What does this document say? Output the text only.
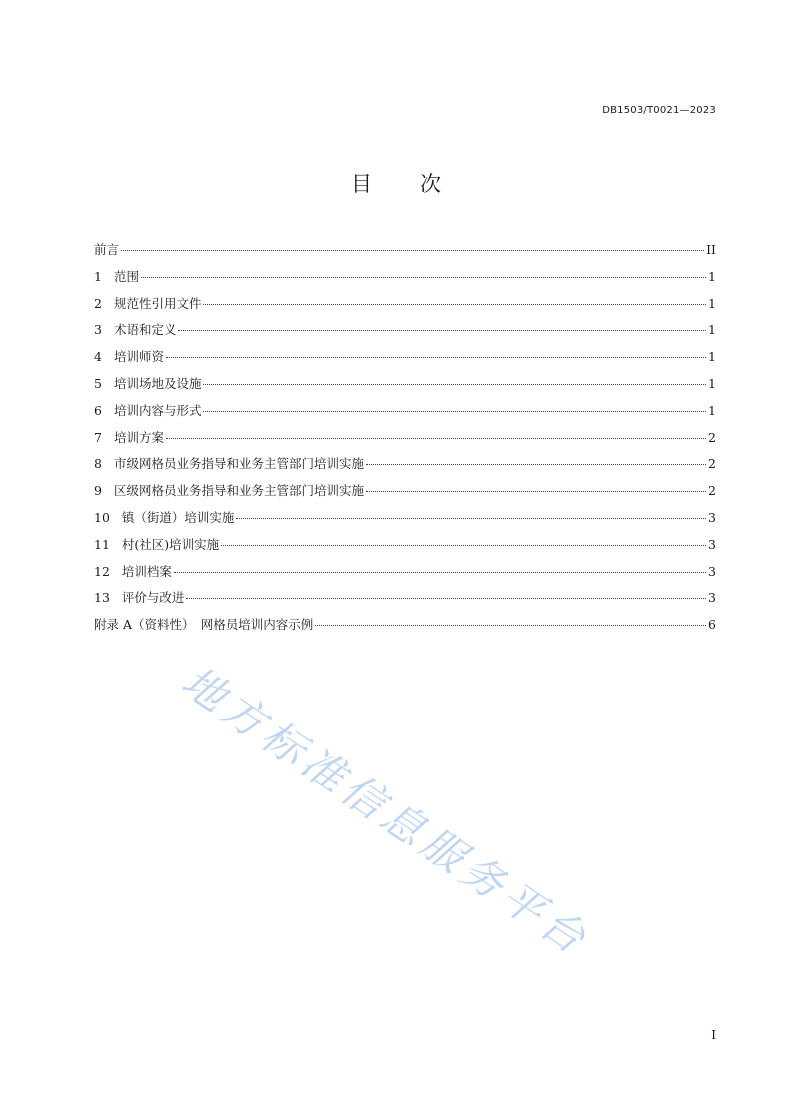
DB1503/T0021—2023
目 次
前言	II
1 范围	1
2 规范性引用文件	1
3 术语和定义	1
4 培训师资	1
5 培训场地及设施	1
6 培训内容与形式	1
7 培训方案	2
8 市级网格员业务指导和业务主管部门培训实施	2
9 区级网格员业务指导和业务主管部门培训实施	2
10 镇（街道）培训实施	3
11 村(社区)培训实施	3
12 培训档案	3
13 评价与改进	3
附录 A（资料性）　网格员培训内容示例	6
地方标准信息服务平台
I
